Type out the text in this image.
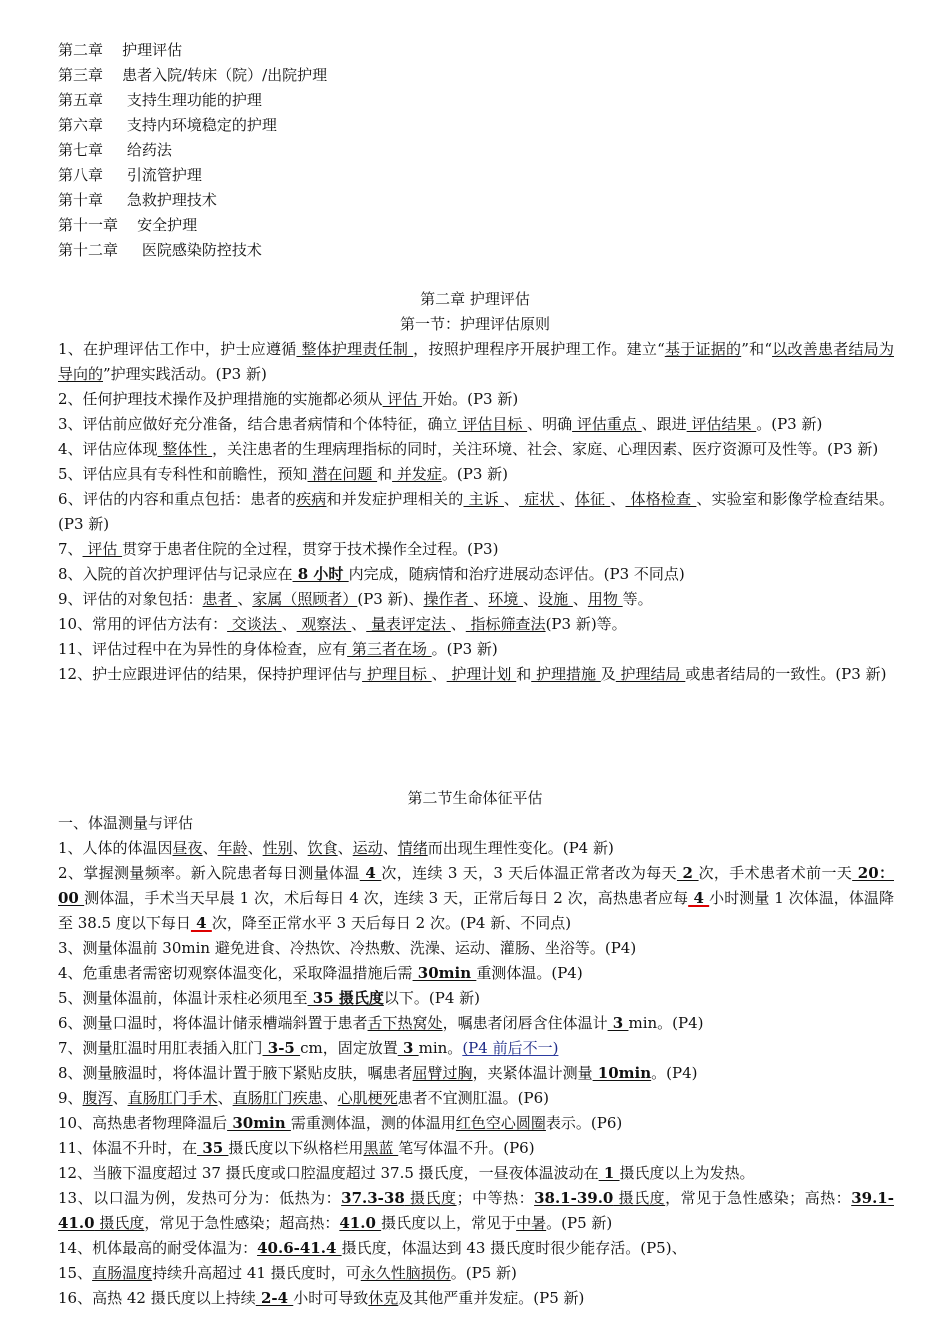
第二章    护理评估
第三章    患者入院/转床（院）/出院护理
第五章     支持生理功能的护理
第六章     支持内环境稳定的护理
第七章     给药法
第八章     引流管护理
第十章     急救护理技术
第十一章    安全护理
第十二章     医院感染防控技术
第二章 护理评估
第一节：护理评估原则
1、在护理评估工作中，护士应遵循 整体护理责任制 ，按照护理程序开展护理工作。建立“基于证据的”和“以改善患者结局为导向的”护理实践活动。(P3 新)
2、任何护理技术操作及护理措施的实施都必须从 评估 开始。(P3 新)
3、评估前应做好充分准备，结合患者病情和个体特征，确立 评估目标 、明确 评估重点 、跟进 评估结果 。(P3 新)
4、评估应体现 整体性 ，关注患者的生理病理指标的同时，关注环境、社会、家庭、心理因素、医疗资源可及性等。(P3 新)
5、评估应具有专科性和前瞻性，预知 潜在问题 和 并发症。(P3 新)
6、评估的内容和重点包括：患者的疾病和并发症护理相关的 主诉 、 症状 、体征 、 体格检查 、实验室和影像学检查结果。(P3 新)
7、 评估 贯穿于患者住院的全过程，贯穿于技术操作全过程。(P3)
8、入院的首次护理评估与记录应在 8 小时 内完成，随病情和治疗进展动态评估。(P3 不同点)
9、评估的对象包括：患者 、家属（照顾者）(P3 新)、操作者 、环境 、设施 、用物 等。
10、常用的评估方法有： 交谈法 、 观察法 、 量表评定法 、 指标筛查法(P3 新)等。
11、评估过程中在为异性的身体检查，应有 第三者在场 。(P3 新)
12、护士应跟进评估的结果，保持护理评估与 护理目标 、 护理计划 和 护理措施 及 护理结局 或患者结局的一致性。(P3 新)
第二节生命体征平估
一、体温测量与评估
1、人体的体温因昼夜、年龄、性别、饮食、运动、情绪而出现生理性变化。(P4 新)
2、掌握测量频率。新入院患者每日测量体温 4 次，连续 3 天，3 天后体温正常者改为每天 2 次，手术患者术前一天 20：00 测体温，手术当天早晨 1 次，术后每日 4 次，连续 3 天，正常后每日 2 次，高热患者应每 4 小时测量 1 次体温，体温降至 38.5 度以下每日 4 次，降至正常水平 3 天后每日 2 次。(P4 新、不同点)
3、测量体温前 30min 避免进食、冷热饮、冷热敷、洗澡、运动、灌肠、坐浴等。(P4)
4、危重患者需密切观察体温变化，采取降温措施后需 30min 重测体温。(P4)
5、测量体温前，体温计汞柱必须甩至 35 摄氏度以下。(P4 新)
6、测量口温时，将体温计储汞槽端斜置于患者舌下热窝处，嘱患者闭唇含住体温计 3 min。(P4)
7、测量肛温时用肛表插入肛门 3-5 cm，固定放置 3 min。(P4 前后不一)
8、测量腋温时，将体温计置于腋下紧贴皮肤，嘱患者屈臂过胸，夹紧体温计测量 10min。(P4)
9、腹泻、直肠肛门手术、直肠肛门疾患、心肌梗死患者不宜测肛温。(P6)
10、高热患者物理降温后 30min 需重测体温，测的体温用红色空心圆圈表示。(P6)
11、体温不升时，在 35 摄氏度以下纵格栏用黑蓝 笔写体温不升。(P6)
12、当腋下温度超过 37 摄氏度或口腔温度超过 37.5 摄氏度，一昼夜体温波动在 1 摄氏度以上为发热。
13、以口温为例，发热可分为：低热为：37.3-38 摄氏度；中等热：38.1-39.0 摄氏度，常见于急性感染；高热：39.1-41.0 摄氏度，常见于急性感染；超高热：41.0 摄氏度以上，常见于中暑。(P5 新)
14、机体最高的耐受体温为：40.6-41.4 摄氏度，体温达到 43 摄氏度时很少能存活。(P5)、
15、直肠温度持续升高超过 41 摄氏度时，可永久性脑损伤。(P5 新)
16、高热 42 摄氏度以上持续 2-4 小时可导致休克及其他严重并发症。(P5 新)
